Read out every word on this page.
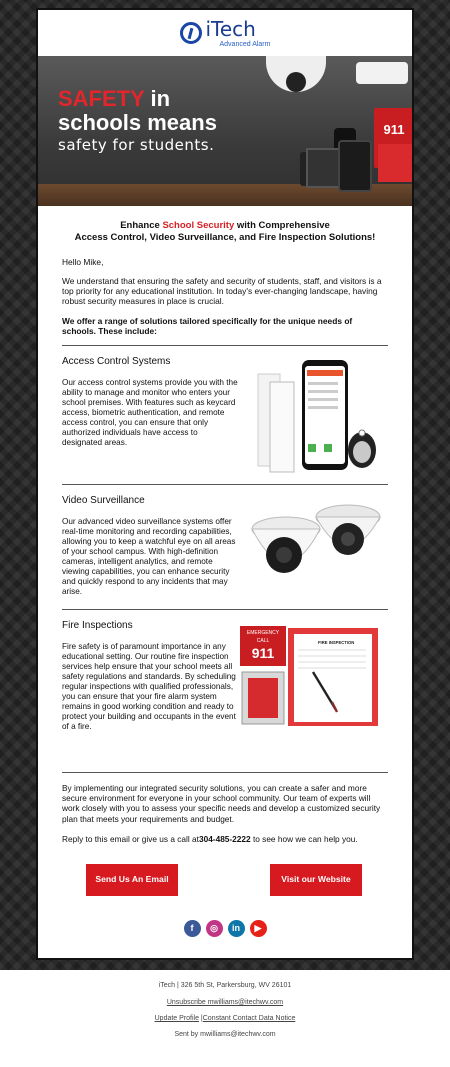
iTech
Advanced Alarm
SAFETY in
schools means
safety for students.
911
Enhance School Security with Comprehensive
Access Control, Video Surveillance, and Fire Inspection Solutions!

Hello Mike,

We understand that ensuring the safety and security of students, staff, and visitors is a top priority for any educational institution. In today's ever-changing landscape, having robust security measures in place is crucial.

We offer a range of solutions tailored specifically for the unique needs of schools. These include:

Access Control Systems
Our access control systems provide you with the ability to manage and monitor who enters your school premises. With features such as keycard access, biometric authentication, and remote access control, you can ensure that only authorized individuals have access to designated areas.
Video Surveillance
Our advanced video surveillance systems offer real-time monitoring and recording capabilities, allowing you to keep a watchful eye on all areas of your school campus. With high-definition cameras, intelligent analytics, and remote viewing capabilities, you can enhance security and quickly respond to any incidents that may arise.
Fire Inspections
Fire safety is of paramount importance in any educational setting. Our routine fire inspection services help ensure that your school meets all safety regulations and standards. By scheduling regular inspections with qualified professionals, you can ensure that your fire alarm system remains in good working condition and ready to protect your building and occupants in the event of a fire.
EMERGENCY
CALL
911
FIRE INSPECTION

By implementing our integrated security solutions, you can create a safer and more secure environment for everyone in your school community. Our team of experts will work closely with you to assess your specific needs and develop a customized security plan that meets your requirements and budget.

Reply to this email or give us a call at304-485-2222 to see how we can help you.

Send Us An Email	Visit our Website
f	◎	in	▶
iTech | 326 5th St, Parkersburg, WV 26101
Unsubscribe mwilliams@itechwv.com
Update Profile |Constant Contact Data Notice
Sent by mwilliams@itechwv.com
